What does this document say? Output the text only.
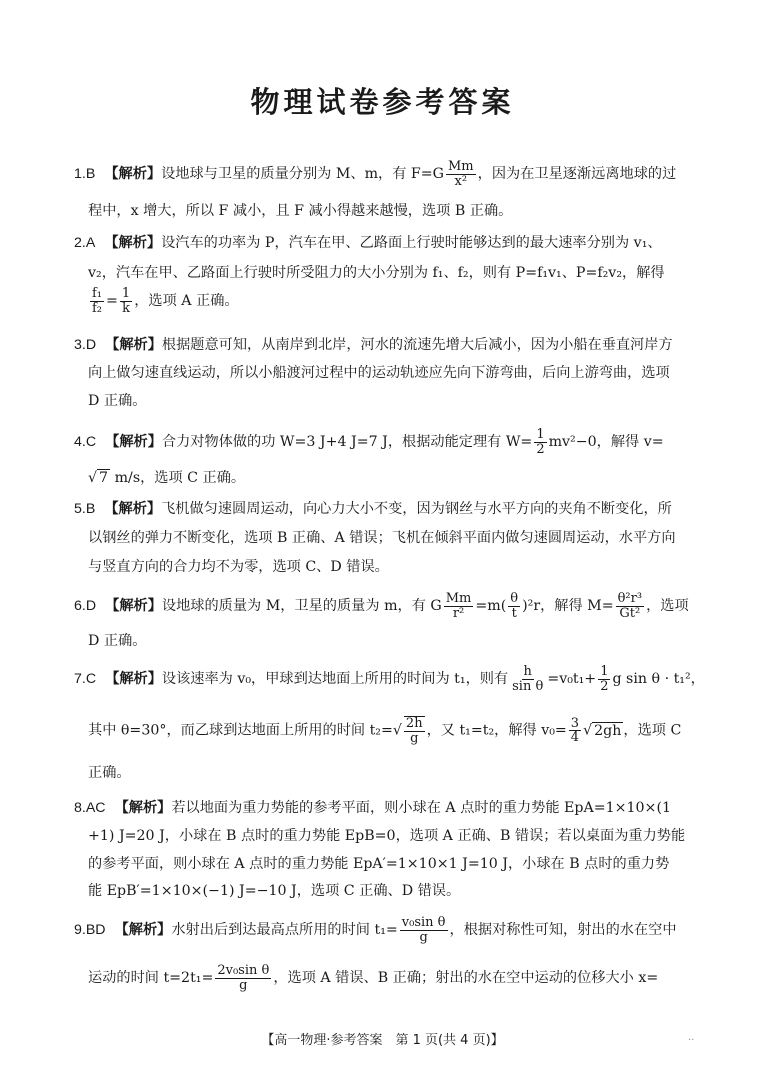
物理试卷参考答案
1.B 【解析】设地球与卫星的质量分别为 M、m，有 $F=G \frac{Mm}{\text{x²}}$ ，因为在卫星逐渐远离地球的过
程中，x 增大，所以 F 减小，且 F 减小得越来越慢，选项 B 正确。
2.A 【解析】设汽车的功率为 P，汽车在甲、乙路面上行驶时能够达到的最大速率分别为 v₁、
v₂，汽车在甲、乙路面上行驶时所受阻力的大小分别为 f₁、f₂，则有 P=f₁v₁、P=f₂v₂，解得
$\frac{\text{f₁}}{\text{f₂}} = \frac{1}{k}$ ，选项 A 正确。
3.D 【解析】根据题意可知，从南岸到北岸，河水的流速先增大后减小，因为小船在垂直河岸方
向上做匀速直线运动，所以小船渡河过程中的运动轨迹应先向下游弯曲，后向上游弯曲，选项
D 正确。
4.C 【解析】合力对物体做的功 W=3 J+4 J=7 J，根据动能定理有 $W= \frac{1}{2} mv^2-0$，解得 v=
√ 7 m/s，选项 C 正确。
5.B 【解析】飞机做匀速圆周运动，向心力大小不变，因为钢丝与水平方向的夹角不断变化，所
以钢丝的弹力不断变化，选项 B 正确、A 错误；飞机在倾斜平面内做匀速圆周运动，水平方向
与竖直方向的合力均不为零，选项 C、D 错误。
6.D 【解析】设地球的质量为 M，卫星的质量为 m，有 G $\frac{Mm}{\text{r²}} =m( \frac{\theta}{t} )^2r$，解得 $M= \frac{\text{θ²r³}}{\text{Gt²}}$ ，选项
D 正确。
7.C 【解析】设该速率为 v₀，甲球到达地面上所用的时间为 t₁，则有 $\frac{h}{\text{sin θ}} =v_0t_1+ \frac{1}{2}$ g sin θ · t₁²，
其中 θ=30°，而乙球到达地面上所用的时间 $t_2=√ \frac{2h}{g}$ ，又 t₁=t₂，解得 $v_0= \frac{3}{4}$ √ 2gh ，选项 C
正确。
8.AC 【解析】若以地面为重力势能的参考平面，则小球在 A 点时的重力势能 EpA=1×10×(1
+1) J=20 J，小球在 B 点时的重力势能 EpB=0，选项 A 正确、B 错误；若以桌面为重力势能
的参考平面，则小球在 A 点时的重力势能 EpA′=1×10×1 J=10 J，小球在 B 点时的重力势
能 EpB′=1×10×(−1) J=−10 J，选项 C 正确、D 错误。
9.BD 【解析】水射出后到达最高点所用的时间 $t_1= \frac{\text{v₀sin θ}}{g}$ ，根据对称性可知，射出的水在空中
运动的时间 $t=2t_1= \frac{\text{2v₀sin θ}}{g}$ ，选项 A 错误、B 正确；射出的水在空中运动的位移大小 x=
【高一物理·参考答案　第 1 页(共 4 页)】	..
